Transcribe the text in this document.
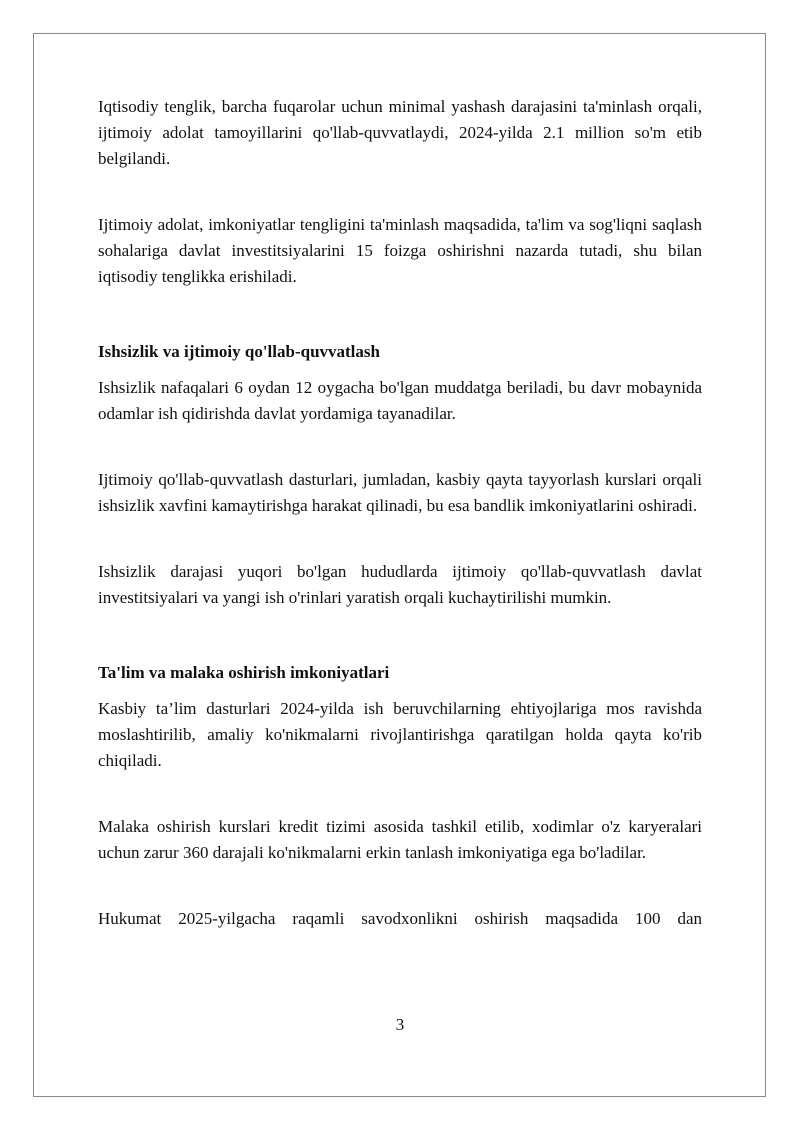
Iqtisodiy tenglik, barcha fuqarolar uchun minimal yashash darajasini ta'minlash orqali, ijtimoiy adolat tamoyillarini qo'llab-quvvatlaydi, 2024-yilda 2.1 million so'm etib belgilandi.

Ijtimoiy adolat, imkoniyatlar tengligini ta'minlash maqsadida, ta'lim va sog'liqni saqlash sohalariga davlat investitsiyalarini 15 foizga oshirishni nazarda tutadi, shu bilan iqtisodiy tenglikka erishiladi.

Ishsizlik va ijtimoiy qo'llab-quvvatlash

Ishsizlik nafaqalari 6 oydan 12 oygacha bo'lgan muddatga beriladi, bu davr mobaynida odamlar ish qidirishda davlat yordamiga tayanadilar.

Ijtimoiy qo'llab-quvvatlash dasturlari, jumladan, kasbiy qayta tayyorlash kurslari orqali ishsizlik xavfini kamaytirishga harakat qilinadi, bu esa bandlik imkoniyatlarini oshiradi.

Ishsizlik darajasi yuqori bo'lgan hududlarda ijtimoiy qo'llab-quvvatlash davlat investitsiyalari va yangi ish o'rinlari yaratish orqali kuchaytirilishi mumkin.

Ta'lim va malaka oshirish imkoniyatlari

Kasbiy ta’lim dasturlari 2024-yilda ish beruvchilarning ehtiyojlariga mos ravishda moslashtirilib, amaliy ko'nikmalarni rivojlantirishga qaratilgan holda qayta ko'rib chiqiladi.

Malaka oshirish kurslari kredit tizimi asosida tashkil etilib, xodimlar o'z karyeralari uchun zarur 360 darajali ko'nikmalarni erkin tanlash imkoniyatiga ega bo'ladilar.

Hukumat 2025-yilgacha raqamli savodxonlikni oshirish maqsadida 100 dan

3
